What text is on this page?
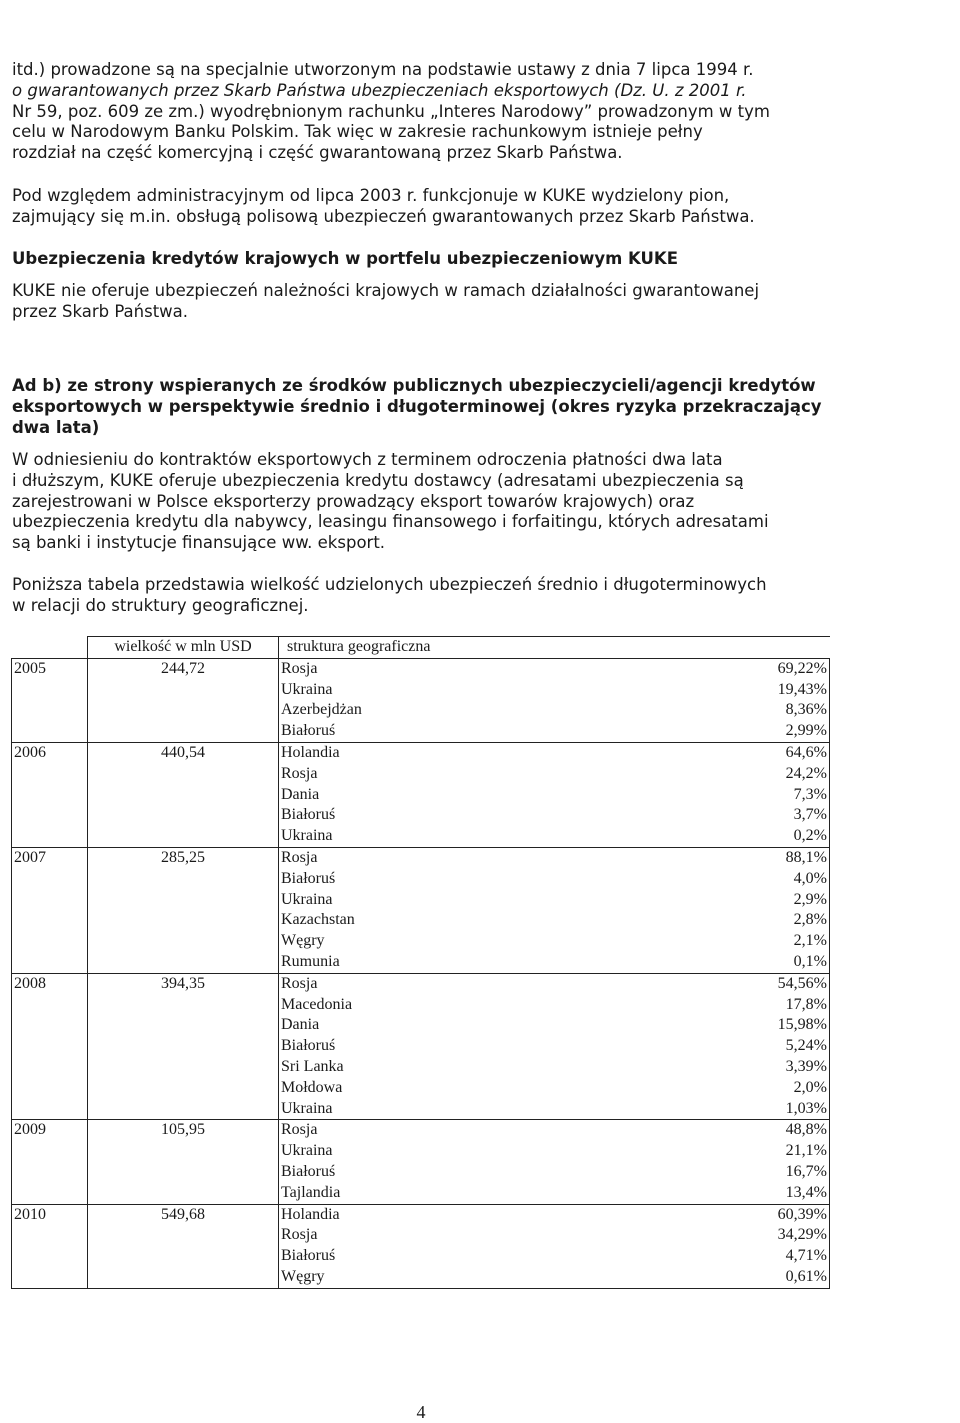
itd.) prowadzone są na specjalnie utworzonym na podstawie ustawy z dnia 7 lipca 1994 r.
o gwarantowanych przez Skarb Państwa ubezpieczeniach eksportowych (Dz. U. z 2001 r.
Nr 59, poz. 609 ze zm.) wyodrębnionym rachunku „Interes Narodowy” prowadzonym w tym
celu w Narodowym Banku Polskim. Tak więc w zakresie rachunkowym istnieje pełny
rozdział na część komercyjną i część gwarantowaną przez Skarb Państwa.
Pod względem administracyjnym od lipca 2003 r. funkcjonuje w KUKE wydzielony pion,
zajmujący się m.in. obsługą polisową ubezpieczeń gwarantowanych przez Skarb Państwa.
Ubezpieczenia kredytów krajowych w portfelu ubezpieczeniowym KUKE
KUKE nie oferuje ubezpieczeń należności krajowych w ramach działalności gwarantowanej
przez Skarb Państwa.
Ad b) ze strony wspieranych ze środków publicznych ubezpieczycieli/agencji kredytów
eksportowych w perspektywie średnio i długoterminowej (okres ryzyka przekraczający
dwa lata)
W odniesieniu do kontraktów eksportowych z terminem odroczenia płatności dwa lata
i dłuższym, KUKE oferuje ubezpieczenia kredytu dostawcy (adresatami ubezpieczenia są
zarejestrowani w Polsce eksporterzy prowadzący eksport towarów krajowych) oraz
ubezpieczenia kredytu dla nabywcy, leasingu finansowego i forfaitingu, których adresatami
są banki i instytucje finansujące ww. eksport.
Poniższa tabela przedstawia wielkość udzielonych ubezpieczeń średnio i długoterminowych
w relacji do struktury geograficznej.
	wielkość w mln USD	struktura geograficzna	
2005	244,72	Rosja	69,22%
		Ukraina	19,43%
		Azerbejdżan	8,36%
		Białoruś	2,99%
2006	440,54	Holandia	64,6%
		Rosja	24,2%
		Dania	7,3%
		Białoruś	3,7%
		Ukraina	0,2%
2007	285,25	Rosja	88,1%
		Białoruś	4,0%
		Ukraina	2,9%
		Kazachstan	2,8%
		Węgry	2,1%
		Rumunia	0,1%
2008	394,35	Rosja	54,56%
		Macedonia	17,8%
		Dania	15,98%
		Białoruś	5,24%
		Sri Lanka	3,39%
		Mołdowa	2,0%
		Ukraina	1,03%
2009	105,95	Rosja	48,8%
		Ukraina	21,1%
		Białoruś	16,7%
		Tajlandia	13,4%
2010	549,68	Holandia	60,39%
		Rosja	34,29%
		Białoruś	4,71%
		Węgry	0,61%
4
